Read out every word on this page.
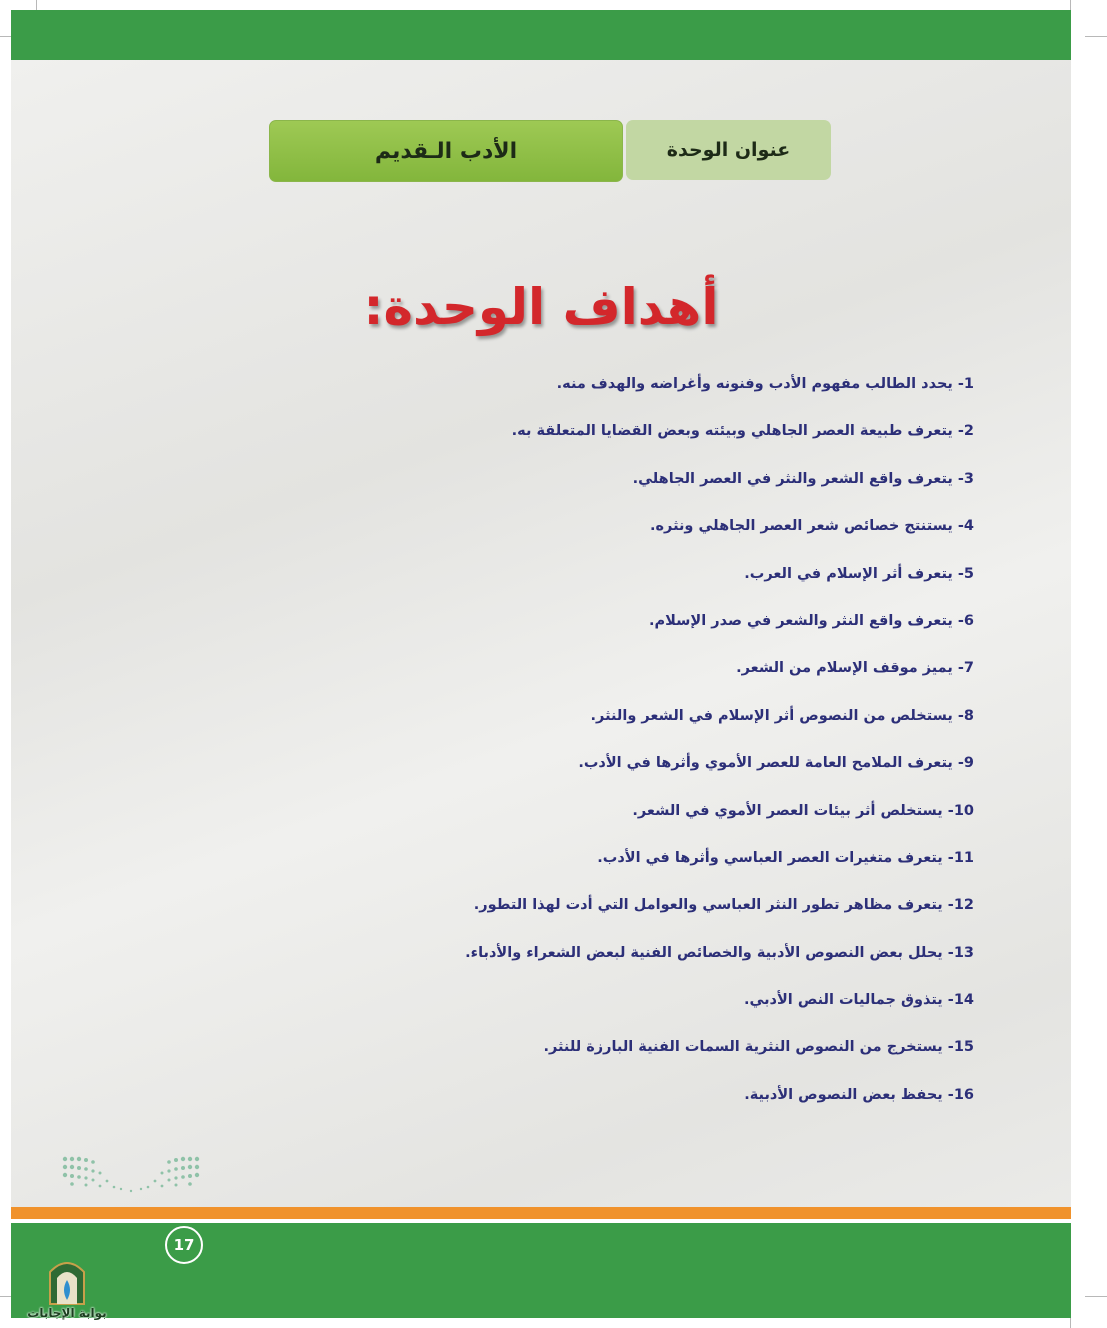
عنوان الوحدة
الأدب الـقديم
أهداف الوحدة:
1- يحدد الطالب مفهوم الأدب وفنونه وأغراضه والهدف منه.
2- يتعرف طبيعة العصر الجاهلي وبيئته وبعض القضايا المتعلقة به.
3- يتعرف واقع الشعر والنثر في العصر الجاهلي.
4- يستنتج خصائص شعر العصر الجاهلي ونثره.
5- يتعرف أثر الإسلام في العرب.
6- يتعرف واقع النثر والشعر في صدر الإسلام.
7- يميز موقف الإسلام من الشعر.
8- يستخلص من النصوص أثر الإسلام في الشعر والنثر.
9- يتعرف الملامح العامة للعصر الأموي وأثرها في الأدب.
10- يستخلص أثر بيئات العصر الأموي في الشعر.
11- يتعرف متغيرات العصر العباسي وأثرها في الأدب.
12- يتعرف مظاهر تطور النثر العباسي والعوامل التي أدت لهذا التطور.
13- يحلل بعض النصوص الأدبية والخصائص الفنية لبعض الشعراء والأدباء.
14- يتذوق جماليات النص الأدبي.
15- يستخرج من النصوص النثرية السمات الفنية البارزة للنثر.
16- يحفظ بعض النصوص الأدبية.
17
بوابة الإجابات
